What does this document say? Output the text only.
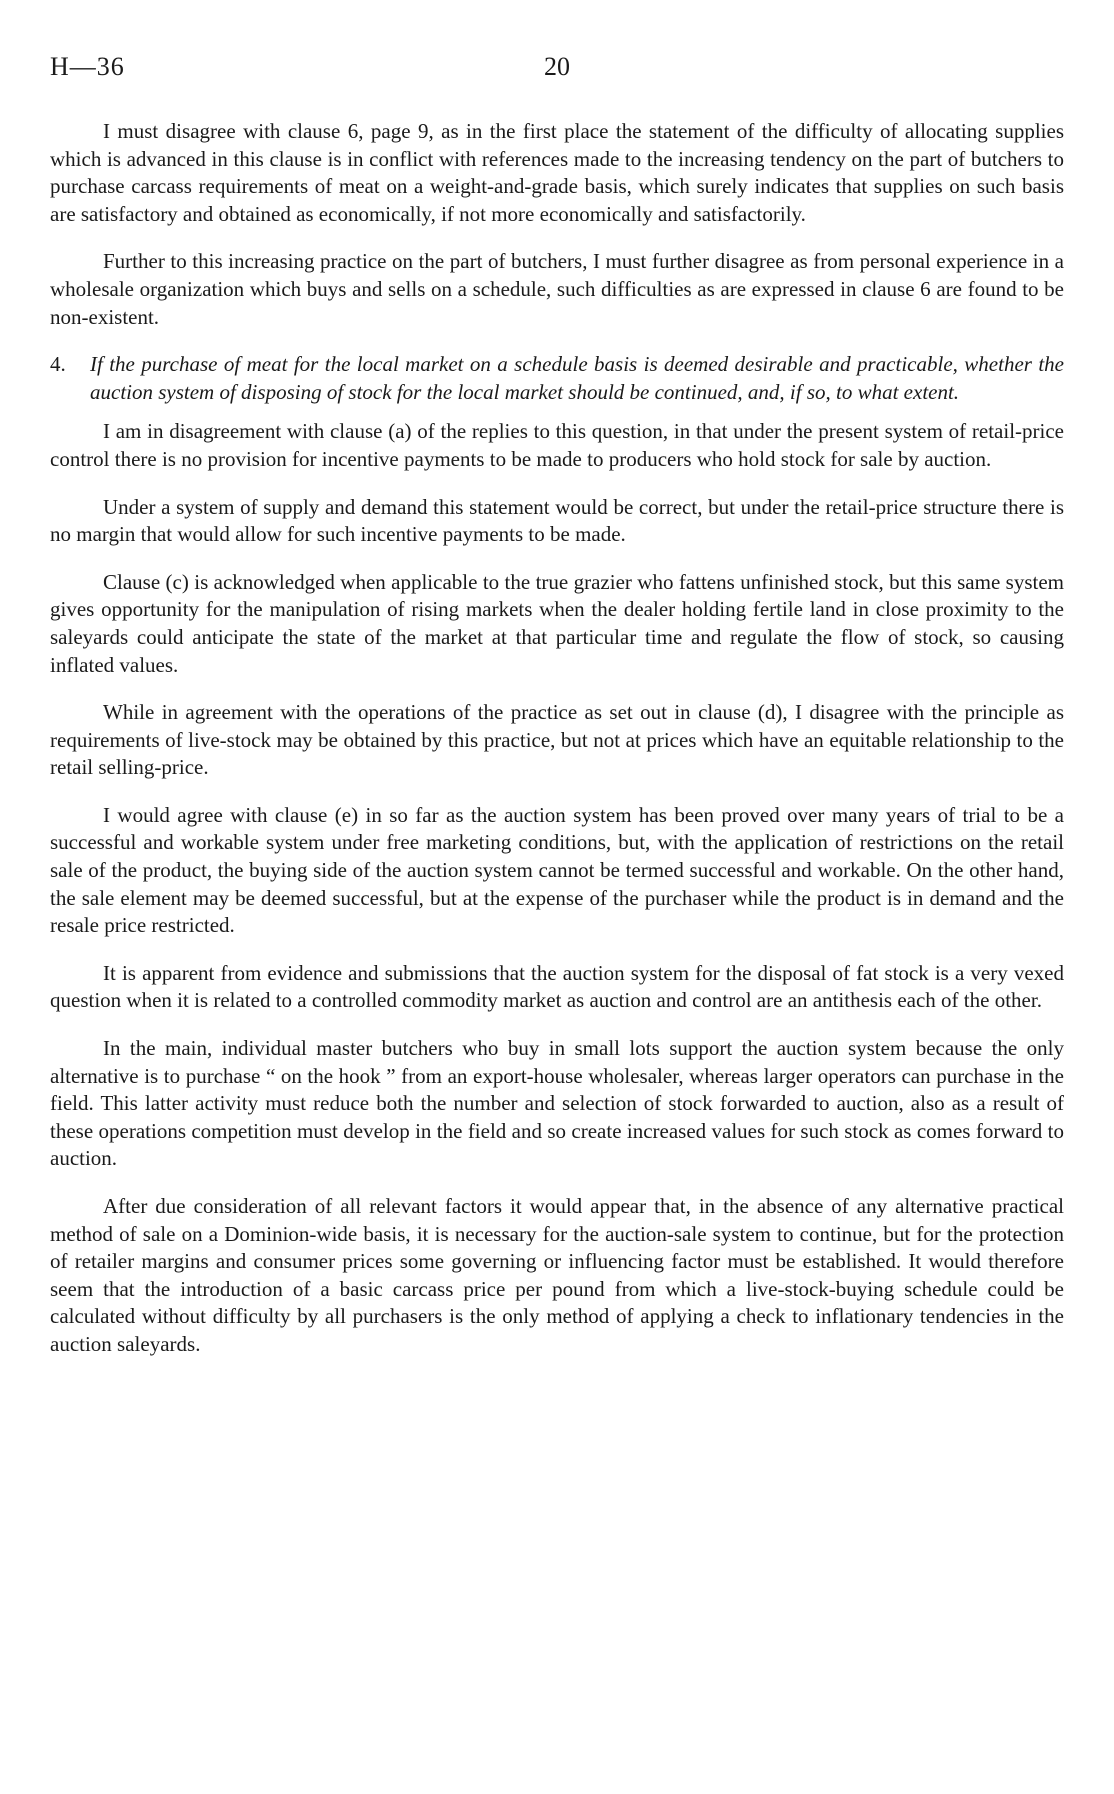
H—36	20

I must disagree with clause 6, page 9, as in the first place the statement of the difficulty of allocating supplies which is advanced in this clause is in conflict with references made to the increasing tendency on the part of butchers to purchase carcass requirements of meat on a weight-and-grade basis, which surely indicates that supplies on such basis are satisfactory and obtained as economically, if not more economically and satisfactorily.

Further to this increasing practice on the part of butchers, I must further disagree as from personal experience in a wholesale organization which buys and sells on a schedule, such difficulties as are expressed in clause 6 are found to be non-existent.

4.	If the purchase of meat for the local market on a schedule basis is deemed desirable and practicable, whether the auction system of disposing of stock for the local market should be continued, and, if so, to what extent.

I am in disagreement with clause (a) of the replies to this question, in that under the present system of retail-price control there is no provision for incentive payments to be made to producers who hold stock for sale by auction.

Under a system of supply and demand this statement would be correct, but under the retail-price structure there is no margin that would allow for such incentive payments to be made.

Clause (c) is acknowledged when applicable to the true grazier who fattens unfinished stock, but this same system gives opportunity for the manipulation of rising markets when the dealer holding fertile land in close proximity to the saleyards could anticipate the state of the market at that particular time and regulate the flow of stock, so causing inflated values.

While in agreement with the operations of the practice as set out in clause (d), I disagree with the principle as requirements of live-stock may be obtained by this practice, but not at prices which have an equitable relationship to the retail selling-price.

I would agree with clause (e) in so far as the auction system has been proved over many years of trial to be a successful and workable system under free marketing conditions, but, with the application of restrictions on the retail sale of the product, the buying side of the auction system cannot be termed successful and workable. On the other hand, the sale element may be deemed successful, but at the expense of the purchaser while the product is in demand and the resale price restricted.

It is apparent from evidence and submissions that the auction system for the disposal of fat stock is a very vexed question when it is related to a controlled commodity market as auction and control are an antithesis each of the other.

In the main, individual master butchers who buy in small lots support the auction system because the only alternative is to purchase “ on the hook ” from an export-house wholesaler, whereas larger operators can purchase in the field. This latter activity must reduce both the number and selection of stock forwarded to auction, also as a result of these operations competition must develop in the field and so create increased values for such stock as comes forward to auction.

After due consideration of all relevant factors it would appear that, in the absence of any alternative practical method of sale on a Dominion-wide basis, it is necessary for the auction-sale system to continue, but for the protection of retailer margins and consumer prices some governing or influencing factor must be established. It would therefore seem that the introduction of a basic carcass price per pound from which a live-stock-buying schedule could be calculated without difficulty by all purchasers is the only method of applying a check to inflationary tendencies in the auction saleyards.
